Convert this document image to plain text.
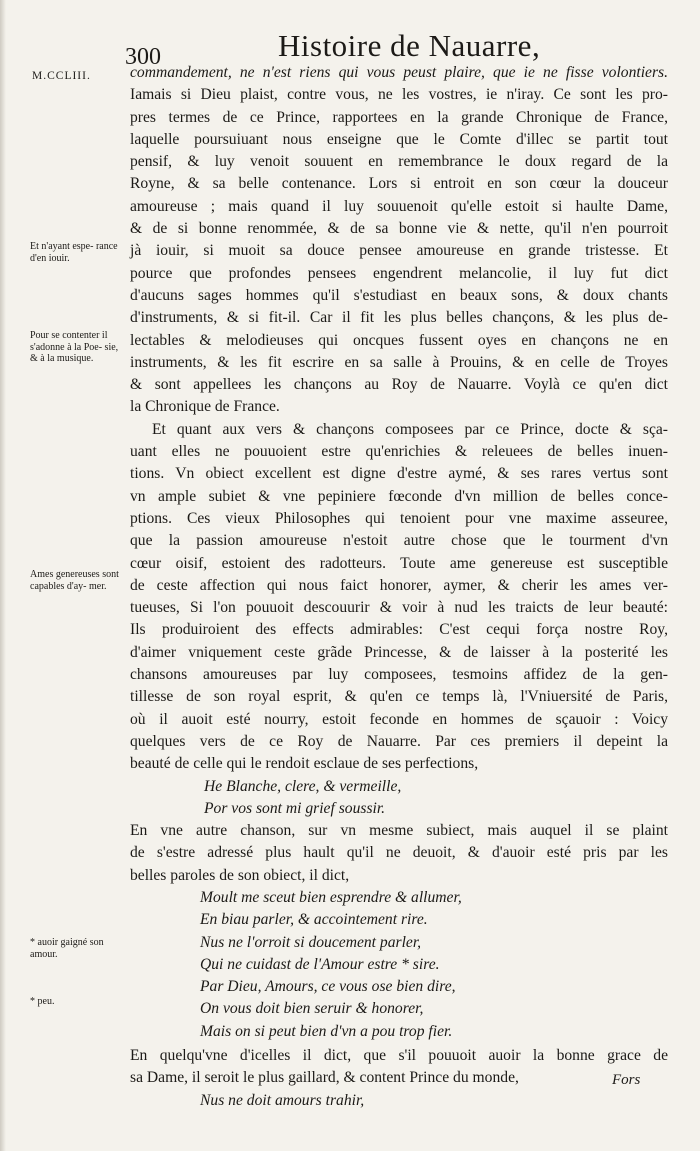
300	Histoire de Nauarre,
M.CCLIII.
Et n'ayant espe- rance d'en iouir.
Pour se contenter il s'adonne à la Poe- sie, & à la musique.
Ames genereuses sont capables d'ay- mer.
* auoir gaigné son amour.
* peu.
commandement, ne n'est riens qui vous peust plaire, que ie ne fisse volontiers.
Iamais si Dieu plaist, contre vous, ne les vostres, ie n'iray. Ce sont les pro-
pres termes de ce Prince, rapportees en la grande Chronique de France,
laquelle poursuiuant nous enseigne que le Comte d'illec se partit tout
pensif, & luy venoit souuent en remembrance le doux regard de la
Royne, & sa belle contenance. Lors si entroit en son cœur la douceur
amoureuse ; mais quand il luy souuenoit qu'elle estoit si haulte Dame,
& de si bonne renommée, & de sa bonne vie & nette, qu'il n'en pourroit
jà iouir, si muoit sa douce pensee amoureuse en grande tristesse. Et
pource que profondes pensees engendrent melancolie, il luy fut dict
d'aucuns sages hommes qu'il s'estudiast en beaux sons, & doux chants
d'instruments, & si fit-il. Car il fit les plus belles chançons, & les plus de-
lectables & melodieuses qui oncques fussent oyes en chançons ne en
instruments, & les fit escrire en sa salle à Prouins, & en celle de Troyes
& sont appellees les chançons au Roy de Nauarre. Voylà ce qu'en dict
la Chronique de France.
Et quant aux vers & chançons composees par ce Prince, docte & sça-
uant elles ne pouuoient estre qu'enrichies & releuees de belles inuen-
tions. Vn obiect excellent est digne d'estre aymé, & ses rares vertus sont
vn ample subiet & vne pepiniere fœconde d'vn million de belles conce-
ptions. Ces vieux Philosophes qui tenoient pour vne maxime asseuree,
que la passion amoureuse n'estoit autre chose que le tourment d'vn
cœur oisif, estoient des radotteurs. Toute ame genereuse est susceptible
de ceste affection qui nous faict honorer, aymer, & cherir les ames ver-
tueuses, Si l'on pouuoit descouurir & voir à nud les traicts de leur beauté:
Ils produiroient des effects admirables: C'est cequi força nostre Roy,
d'aimer vniquement ceste grãde Princesse, & de laisser à la posterité les
chansons amoureuses par luy composees, tesmoins affidez de la gen-
tillesse de son royal esprit, & qu'en ce temps là, l'Vniuersité de Paris,
où il auoit esté nourry, estoit feconde en hommes de sçauoir : Voicy
quelques vers de ce Roy de Nauarre. Par ces premiers il depeint la
beauté de celle qui le rendoit esclaue de ses perfections,
He Blanche, clere, & vermeille,
Por vos sont mi grief soussir.
En vne autre chanson, sur vn mesme subiect, mais auquel il se plaint
de s'estre adressé plus hault qu'il ne deuoit, & d'auoir esté pris par les
belles paroles de son obiect, il dict,
Moult me sceut bien esprendre & allumer,
En biau parler, & accointement rire.
Nus ne l'orroit si doucement parler,
Qui ne cuidast de l'Amour estre * sire.
Par Dieu, Amours, ce vous ose bien dire,
On vous doit bien seruir & honorer,
Mais on si peut bien d'vn a pou trop fier.
En quelqu'vne d'icelles il dict, que s'il pouuoit auoir la bonne grace de
sa Dame, il seroit le plus gaillard, & content Prince du monde,
Nus ne doit amours trahir,
Fors
